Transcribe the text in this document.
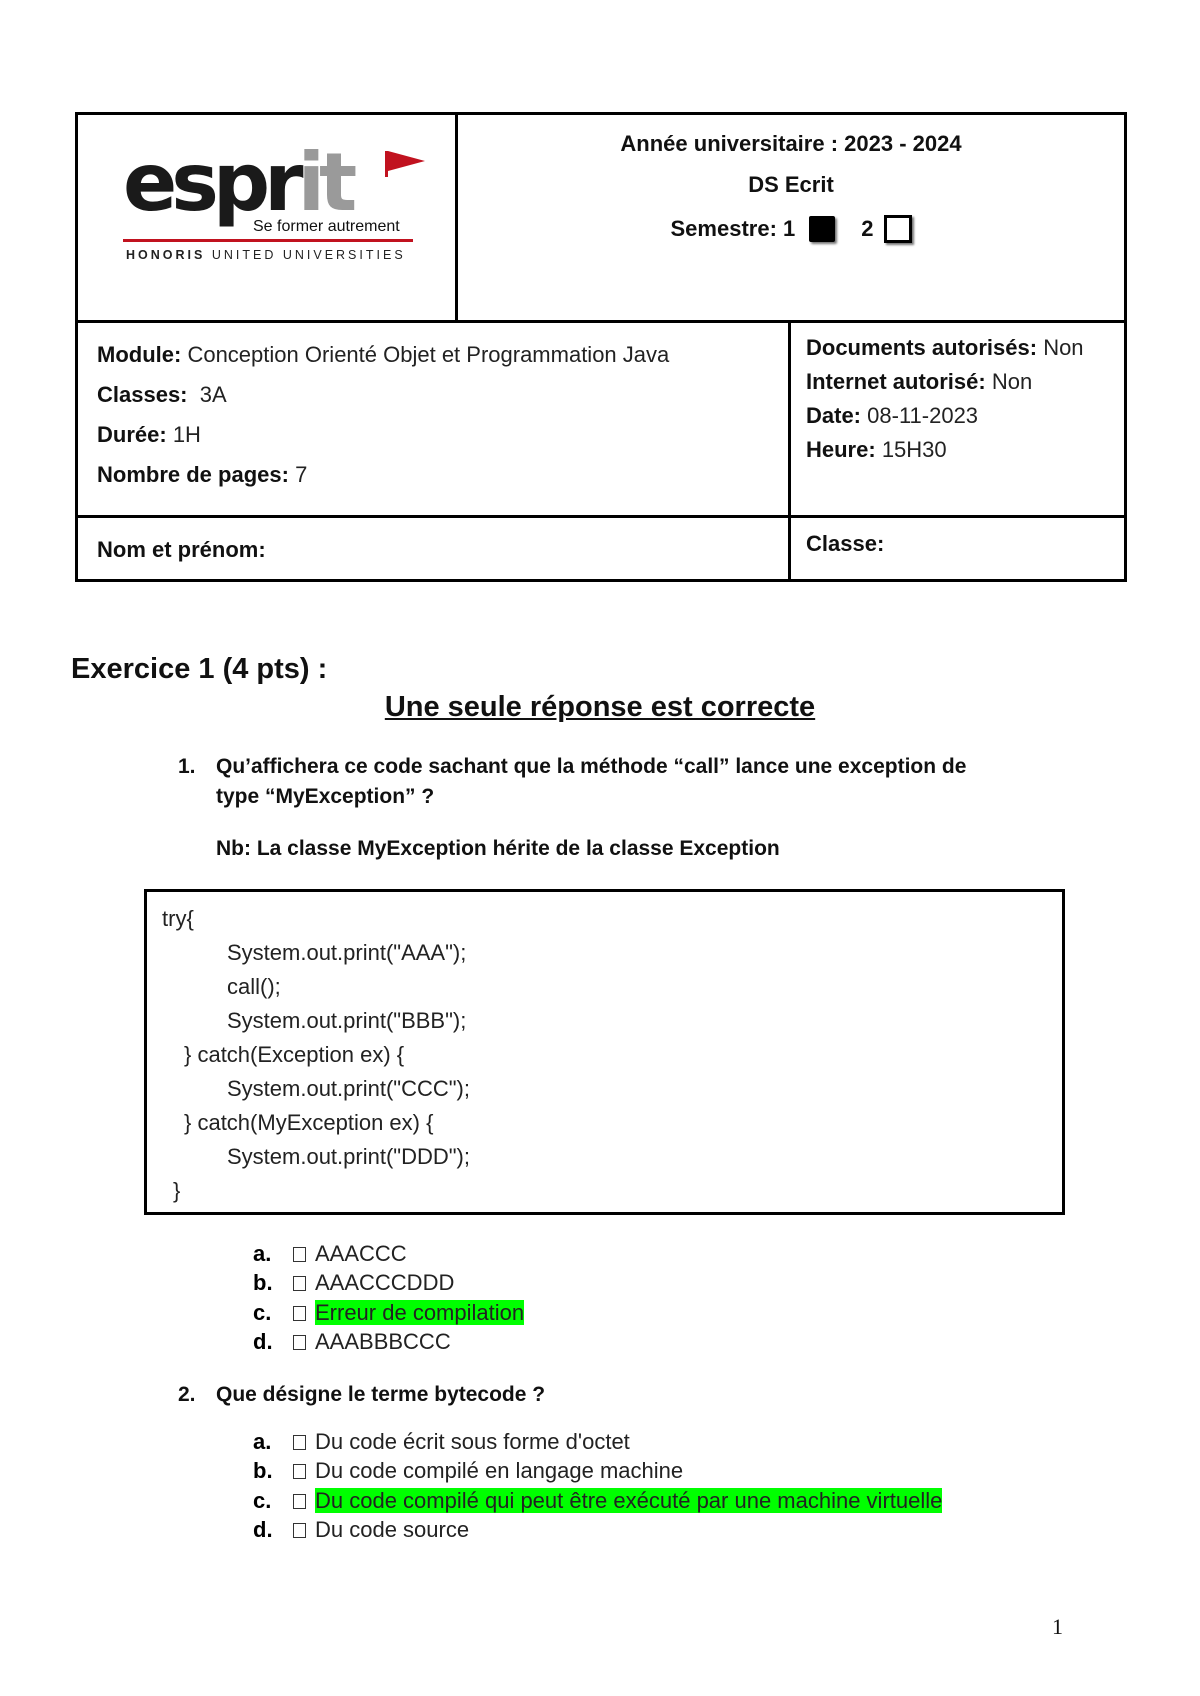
esprit
Se former autrement
HONORIS UNITED UNIVERSITIES
Année universitaire : 2023 - 2024
DS Ecrit
Semestre: 1	2
Module: Conception Orienté Objet et Programmation Java
Classes: 3A
Durée: 1H
Nombre de pages: 7
Documents autorisés: Non
Internet autorisé: Non
Date: 08-11-2023
Heure: 15H30
Nom et prénom:	Classe:
Exercice 1 (4 pts) :
Une seule réponse est correcte
1. Qu’affichera ce code sachant que la méthode “call” lance une exception de
type “MyException” ?
Nb: La classe MyException hérite de la classe Exception
try{
System.out.print("AAA");
call();
System.out.print("BBB");
} catch(Exception ex) {
System.out.print("CCC");
} catch(MyException ex) {
System.out.print("DDD");
}
a. AAACCC
b. AAACCCDDD
c. Erreur de compilation
d. AAABBBCCC
2. Que désigne le terme bytecode ?
a. Du code écrit sous forme d'octet
b. Du code compilé en langage machine
c. Du code compilé qui peut être exécuté par une machine virtuelle
d. Du code source
1
